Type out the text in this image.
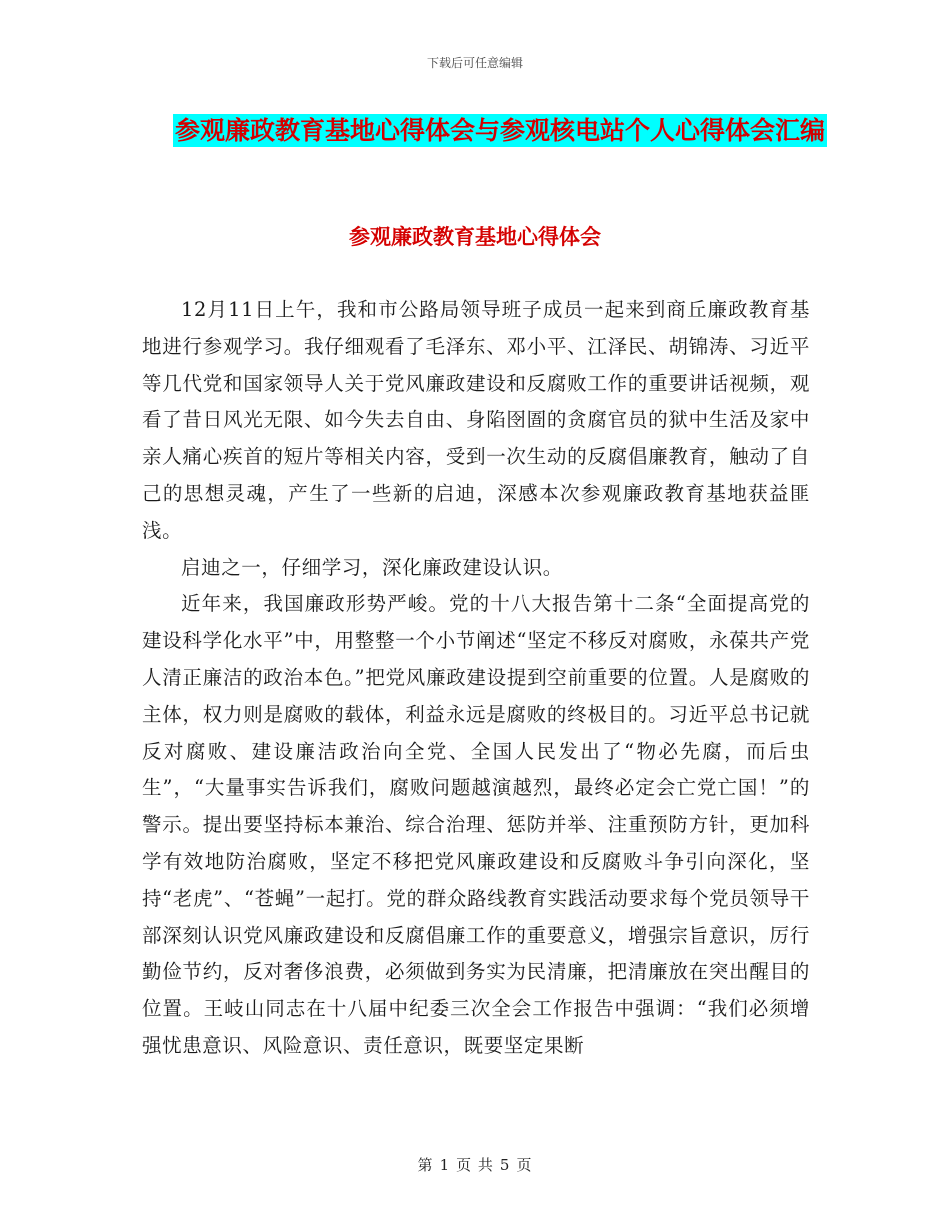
下载后可任意编辑
参观廉政教育基地心得体会与参观核电站个人心得体会汇编
参观廉政教育基地心得体会

12月11日上午，我和市公路局领导班子成员一起来到商丘廉政教育基地进行参观学习。我仔细观看了毛泽东、邓小平、江泽民、胡锦涛、习近平等几代党和国家领导人关于党风廉政建设和反腐败工作的重要讲话视频，观看了昔日风光无限、如今失去自由、身陷囹圄的贪腐官员的狱中生活及家中亲人痛心疾首的短片等相关内容，受到一次生动的反腐倡廉教育，触动了自己的思想灵魂，产生了一些新的启迪，深感本次参观廉政教育基地获益匪浅。

启迪之一，仔细学习，深化廉政建设认识。

近年来，我国廉政形势严峻。党的十八大报告第十二条“全面提高党的建设科学化水平”中，用整整一个小节阐述“坚定不移反对腐败，永葆共产党人清正廉洁的政治本色。”把党风廉政建设提到空前重要的位置。人是腐败的主体，权力则是腐败的载体，利益永远是腐败的终极目的。习近平总书记就反对腐败、建设廉洁政治向全党、全国人民发出了“物必先腐，而后虫生”，“大量事实告诉我们，腐败问题越演越烈，最终必定会亡党亡国！”的警示。提出要坚持标本兼治、综合治理、惩防并举、注重预防方针，更加科学有效地防治腐败，坚定不移把党风廉政建设和反腐败斗争引向深化，坚持“老虎”、“苍蝇”一起打。党的群众路线教育实践活动要求每个党员领导干部深刻认识党风廉政建设和反腐倡廉工作的重要意义，增强宗旨意识，厉行勤俭节约，反对奢侈浪费，必须做到务实为民清廉，把清廉放在突出醒目的位置。王岐山同志在十八届中纪委三次全会工作报告中强调：“我们必须增强忧患意识、风险意识、责任意识，既要坚定果断

第 1 页 共 5 页
